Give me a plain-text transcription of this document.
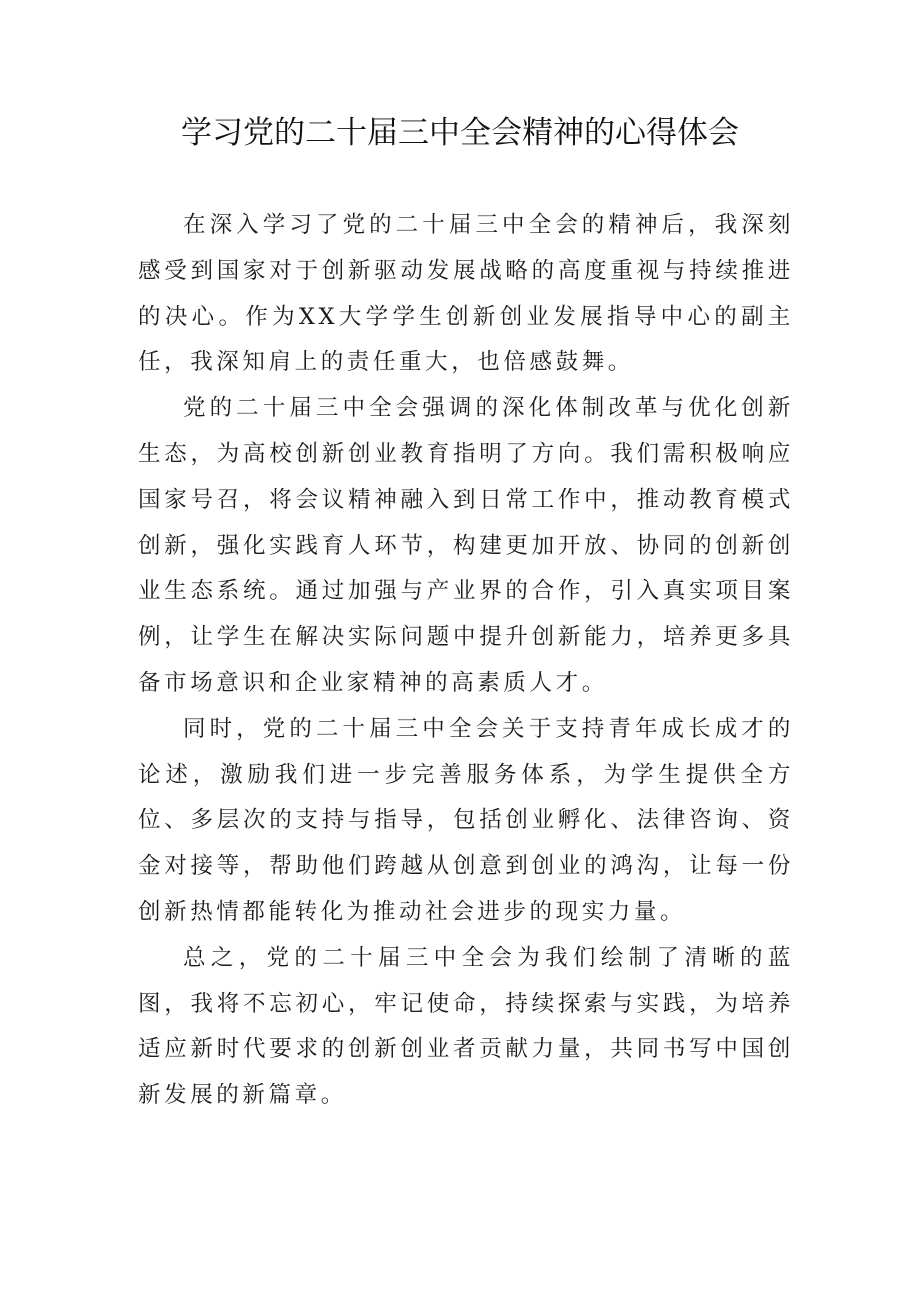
学习党的二十届三中全会精神的心得体会

在深入学习了党的二十届三中全会的精神后，我深刻感受到国家对于创新驱动发展战略的高度重视与持续推进的决心。作为XX大学学生创新创业发展指导中心的副主任，我深知肩上的责任重大，也倍感鼓舞。

党的二十届三中全会强调的深化体制改革与优化创新生态，为高校创新创业教育指明了方向。我们需积极响应国家号召，将会议精神融入到日常工作中，推动教育模式创新，强化实践育人环节，构建更加开放、协同的创新创业生态系统。通过加强与产业界的合作，引入真实项目案例，让学生在解决实际问题中提升创新能力，培养更多具备市场意识和企业家精神的高素质人才。

同时，党的二十届三中全会关于支持青年成长成才的论述，激励我们进一步完善服务体系，为学生提供全方位、多层次的支持与指导，包括创业孵化、法律咨询、资金对接等，帮助他们跨越从创意到创业的鸿沟，让每一份创新热情都能转化为推动社会进步的现实力量。

总之，党的二十届三中全会为我们绘制了清晰的蓝图，我将不忘初心，牢记使命，持续探索与实践，为培养适应新时代要求的创新创业者贡献力量，共同书写中国创新发展的新篇章。
